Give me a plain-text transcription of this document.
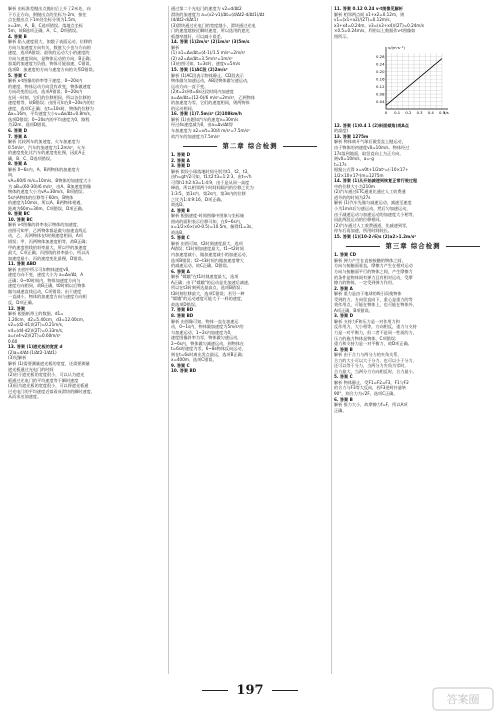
解析 由标准差抛出点抛出后上升了2米处，向
下方正方向，则抛出点的坐标为-2m，接住
点在抛出点下1m处坐标分别为1.5m，
x=3m，A、B、C选项错误。落地点坐标
5m，故B选项正确，A、C、D项错误。
4. 答案 B
解析 陷入速度很大，如骰子表面运动，位移的
方向与加速度方向有关，数值大小也与方向的
速度，选项A错误；最快的运动大小的速度的
方向与速度同向，是物体运动的方向，B正确；
加某的加速度为负值，物体可能加速，C错误。
选项B：加速度的方向与速度方向的关系D错误。
5. 答案 C
解析 x-t图像的斜率等于速度，0~20s内
的速度，物体运动方向没有改变，物体做速度
方向改变的运动，选项A错误；0~20s内
在同一时刻，它们的位移相同，所以各位移的
速度相等，故B错误；由图可知在0~20s内的位
速度，选项C正确；在t=10s时，物体的位移为
Δx=16m，平均速度大小v=Δx/Δt=0.8m/s，
选项D错误；0~20s内的平均速度为0，路程
为32m，选项D错误。
6. 答案 D
7. 答案 A
解析 比较两车的加速度，火车加速度为
0.5m/s²，汽车的加速度为1.2m/s²，火车
的速度变化比汽车的速度变化慢，因此A正
确，B、C、D选项错误。
8. 答案 A
解析 0~6s内，A、B两物体的加速度方
向，
vA=60/6 m/s=10m/s，B物体的加速度大小
为 aB=(60-30)/6 m/s²，由A、B加速度图像
物体的速度大小为vA=30m/s，B项错误；
5s内A物体的位移等于60m，B物体
的速度为10m/s，所以A、B两物体相遇，
距离为60m=30m，C项错误，D项正确。
9. 答案 BC
10. 答案 BC
解析 v-t图像的斜率表示物体的加速度，
由图可知甲、乙两物体都是做匀加速直线运
动，乙、丙两物体在t时刻速度相同，A项
错误；甲、丙两物体加速度相等，故B正确；
甲的速度图线的斜率最大，所以甲的加速度
最大，C项正确；丙图线的斜率最小，所以丙
加速度最小，丙的速度变化最慢，D错误。
11. 答案 ABD
解析 由图中所示可知物体速度v0，
速度方向不变，速度大小为 a=Δv/Δt，A
正确；0~t0时间内，物体加速度方向与
速度方向相同，故B正确，t0时刻以后物体
做匀减速直线运动，C项错误；由于速度
一直减小，物体的加速度方向与速度方向相
反，D项正确。
12. 答案
解析 根据纸带上的数据，d1=
1.20cm，d2=5.40cm，d3=12.00cm，
v2=(d2-d1)/(2T)=0.21m/s，
v4=(d4-d2)/(2T)=0.33m/s，
a=(v4-v2)/(2T)=0.60m/s²
0.60
13. 答案 (1)遮光板的宽度 d
(2)a=d/Δt·(1/Δt2-1/Δt1)
(3)见解析
解析 (1)需要测量遮光板的宽度，还需要测量
遮光板通过光电门的时间
(2)由于遮光板的宽度很小，可以认为遮光
板通过光电门的平均速度等于瞬时速度
(3)因为遮光板的宽度很小，可以将遮光板通
过光电门的平均速度近似看成滑块的瞬时速度，
从而求出加速度。
通过第二个光电门的速度为 v2=d/Δt2
滑块的加速度为 a=(v2-v1)/Δt=(d/Δt2-d/Δt1)/Δt
(d/Δt2-d/Δt1)
(3)滑块通过光电门的宽度越小，滑块通过光电
门的速度越接近瞬时速度，所以选用的遮光
板越窄越好，可以减小误差。
14. 答案 (1)2m/s² (2)1m/s² (3)5m/s
解析
(1) a1=Δv/Δt=(4-1)/1.5 m/s²=2m/s²
(2) a2=Δv/Δt=3.5m/s²=1m/s²
(3)由图可知，t=3s时，速度v=5m/s
15. 答案 (1)AC段 (2)2m/s²
解析 (1)AC段表示物体静止，CD段表示
物体做匀加速运动，AB段物体做匀速运动，
运动方向一直不变。
(2)t=2s到t=8s这段时间内加速度
a=Δv/Δt=(12-0)/6 m/s²=2m/s²，乙两物体
的加速度为零，它们的速度相同，则两物体
的运动相同。
16. 答案 (1)7.5m/s² (2)108km/h
解析 (1)由题知汽车的速度v=30m/s
经过4s速度减为0，由a=Δv/Δt得
车加速度为 a2=v/t=30/4 m/s²=7.5m/s²
故汽车的加速度为7.5m/s²
第二章 综合检测
1. 答案 D
2. 答案 A
3. 答案 D
解析 假设小球落地时间分别为t1、t2、t3，
由h=gt²/2可知，t1:t2:t3=1:2:3，由t∝√h
可得h1:h2:h3=1:4:9，由于是从同一高度
释放，所以相邻两个时间间隔内的位移之比为
1:3:5，第1s内、第2s内、第3s内的位移
之比为1:4:9:16，D项正确。
故选D。
4. 答案 B
解析 根据速度-时间图像中图象与坐标轴
围成的面积表示位移可知，在0~6s内，
x=1/2×6×(v0-0.5)=10.5m，解得t1=3s。
故选B。
5. 答案 C
解析 由图可知，t2时刻速度最大，选项
A错误；t1时刻加速度最大，t1~t2时间
内加速度减小，做加速度减小的加速运动，
选项B错误；t2~t3时间内做加速度增大
的减速运动，故C正确，D错误。
6. 答案 A
解析 "嫦娥"在t1时刻速度最大，选项
A正确；由于"嫦娥"的运动是先加速后减速，
所以在t3时刻到达最高点，选项B错误；
t3时刻位移最大，选项C错误；若另一种
"嫦娥"的运动速度可能大于一样的速度，
故选项D错误。
7. 答案 BD
8. 答案 BD
解析 由图像可知，物体一直在加速运
动，0~1s内，物体做加速度为5m/s²的
匀加速运动，1~2s内加速度为0，
速度图像斜率为零，物体做匀速运动，
2~6s内，物体做匀减速运动，则物体在
t=6s时速度为零，6~8s物体反向运动，
则在t=6s时离出发点最远，选项B正确；
x=400m，选项C错误。
9. 答案 C
10. 答案 BD
11. 答案 0.12 0.24 v-t图像见解析
解析 相邻两点间 x1+x2=0.12m，则
v1=(x1+x2)/(2T)=0.12m/s，
x3+x4=0.24m，v3=(x3+x4)/(2T)=0.24m/s
×0.5=0.24m/s，利用以上数据作v-t图像如
图所示。
0.28
0.24
0.20
0.16
0.12
0.08
0.04
0 0.1 0.2 0.3 0.4 0.5
v/(m·s⁻¹)
t/s
12. 答案 (1)0.4 1 (2)斜面倾角(或A点
的高度)
13. 答案 1275m
解析 物体离开气球后做竖直上抛运动，
由于物体的初速度v0=10m/s，物体经过
17s落到地面，取竖直向上为正方向，
则v0=10m/s，a=-g
t=17s
根据公式得 x=v0t+1/2at²=(-10×17+
1/2×10×17²)m=1275m
14. 答案 (1)从开始减速到恢复正常行驶过程
中的位移大小为210m
(2)汽车通过ETC通道比通过人工收费通
道节约的时间为27s
解析 (1)汽车先做匀减速运动，减速至速度
小为1m/s后匀速运动，然后匀加速运动，
由于减速运动与加速运动的加速度大小相等，
因此两段运动的位移相同。
(2)汽车通过人工收费通道，先减速到零，
停车后再加速，所用时间较长。
15. 答案 (1)(10-2√6)s (2)a2>1.2m/s²
第三章 综合检测
1. 答案 CD
解析 弹力产生在直接接触的物体之间，
方向与接触面垂直，摩擦力产生在相对运动
方向与接触面平行的物体之间，产生摩擦力
的条件是物体间有弹力且有相对运动，受摩
擦力的物体，一定受到弹力作用。
2. 答案 A
解析 重力是由于地球的吸引而使物体
受到的力，方向竖直向下，重心是重力的等
效作用点，可能在物体上，也可能在物体外，
A项正确，B项错误。
3. 答案 D
解析 支持力F和压力是一对作用力和
反作用力，大小相等，方向相反，重力与支持
力是一对平衡力，但二者不是同一性质的力，
压力的施力物体是物体，C项错误；
重力和支持力是一对平衡力，故D项正确。
4. 答案 B
解析 由于合力与两分力的夹角关系，
合力的大小可以大于分力，也可以小于分力，
还可以等于分力，当两分力夹角为零时，
合力最大，当两分力方向相反时，合力最小。
5. 答案 C
解析 物体静止，受F1=F2=F3，F1与F2
的合力与F3等大反向，若F3逆时针旋转
90°，则合力为√2F，选项C正确。
6. 答案 B
解析 推力大小，故摩擦力f=F，所以A项
正确。
197
答案圈
